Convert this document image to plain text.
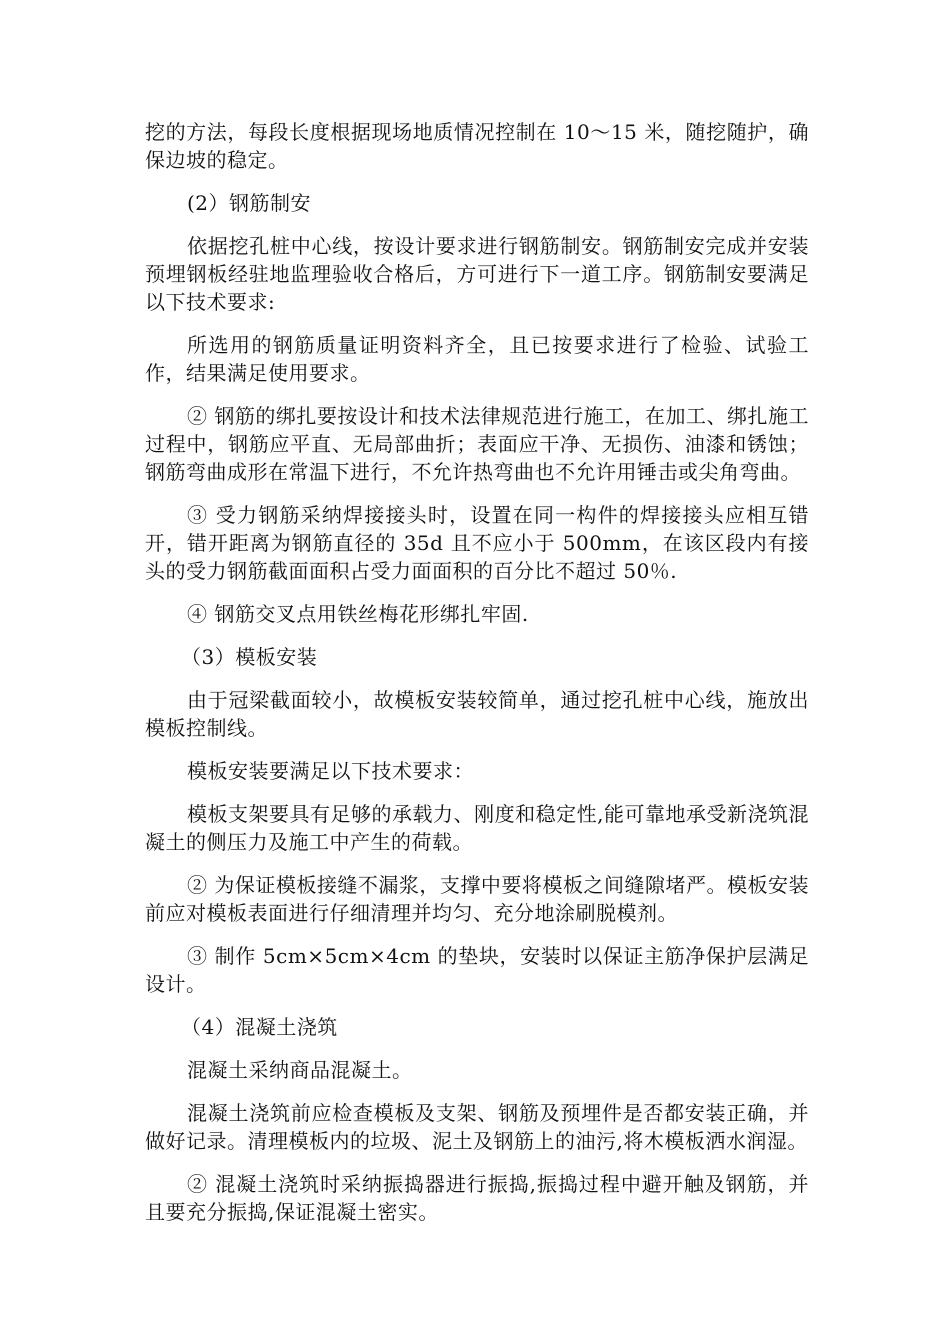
挖的方法，每段长度根据现场地质情况控制在 10～15 米，随挖随护，确保边坡的稳定。

(2）钢筋制安

依据挖孔桩中心线，按设计要求进行钢筋制安。钢筋制安完成并安装预埋钢板经驻地监理验收合格后，方可进行下一道工序。钢筋制安要满足以下技术要求:

所选用的钢筋质量证明资料齐全，且已按要求进行了检验、试验工作，结果满足使用要求。

② 钢筋的绑扎要按设计和技术法律规范进行施工，在加工、绑扎施工过程中，钢筋应平直、无局部曲折；表面应干净、无损伤、油漆和锈蚀；钢筋弯曲成形在常温下进行，不允许热弯曲也不允许用锤击或尖角弯曲。

③ 受力钢筋采纳焊接接头时，设置在同一构件的焊接接头应相互错开，错开距离为钢筋直径的 35d 且不应小于 500mm，在该区段内有接头的受力钢筋截面面积占受力面面积的百分比不超过 50％.

④ 钢筋交叉点用铁丝梅花形绑扎牢固.

（3）模板安装

由于冠梁截面较小，故模板安装较简单，通过挖孔桩中心线，施放出模板控制线。

模板安装要满足以下技术要求：

模板支架要具有足够的承载力、刚度和稳定性,能可靠地承受新浇筑混凝土的侧压力及施工中产生的荷载。

② 为保证模板接缝不漏浆，支撑中要将模板之间缝隙堵严。模板安装前应对模板表面进行仔细清理并均匀、充分地涂刷脱模剂。

③ 制作 5cm×5cm×4cm 的垫块，安装时以保证主筋净保护层满足设计。

（4）混凝土浇筑

混凝土采纳商品混凝土。

混凝土浇筑前应检查模板及支架、钢筋及预埋件是否都安装正确，并做好记录。清理模板内的垃圾、泥土及钢筋上的油污,将木模板洒水润湿。

② 混凝土浇筑时采纳振捣器进行振捣,振捣过程中避开触及钢筋，并且要充分振捣,保证混凝土密实。
